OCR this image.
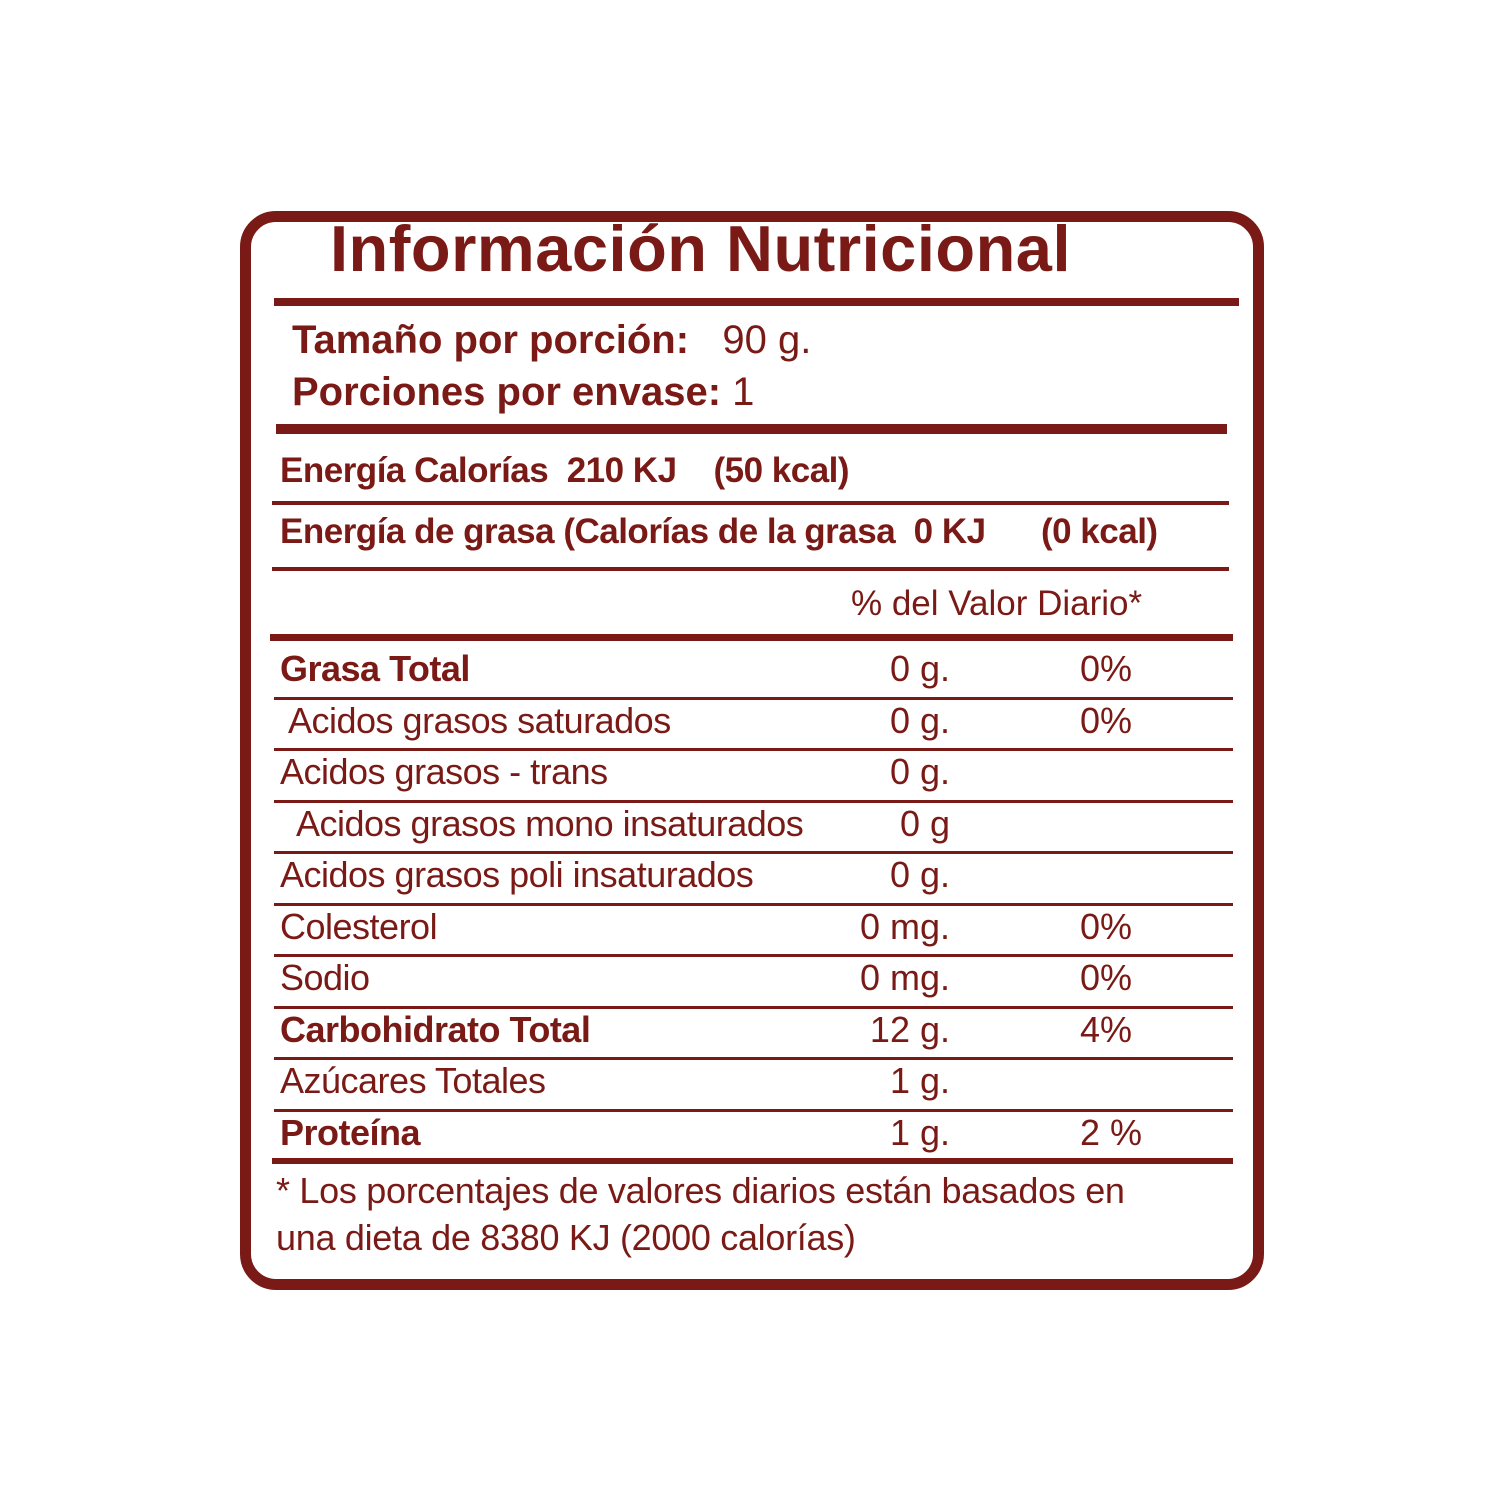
Información Nutricional
Tamaño por porción: 90 g.
Porciones por envase: 1
Energía Calorías 210 KJ (50 kcal)
Energía de grasa (Calorías de la grasa 0 KJ (0 kcal)
% del Valor Diario*
Grasa Total	0 g.	0%
Acidos grasos saturados	0 g.	0%
Acidos grasos - trans	0 g.
Acidos grasos mono insaturados	0 g
Acidos grasos poli insaturados	0 g.
Colesterol	0 mg.	0%
Sodio	0 mg.	0%
Carbohidrato Total	12 g.	4%
Azúcares Totales	1 g.
Proteína	1 g.	2 %
* Los porcentajes de valores diarios están basados en
una dieta de 8380 KJ (2000 calorías)
